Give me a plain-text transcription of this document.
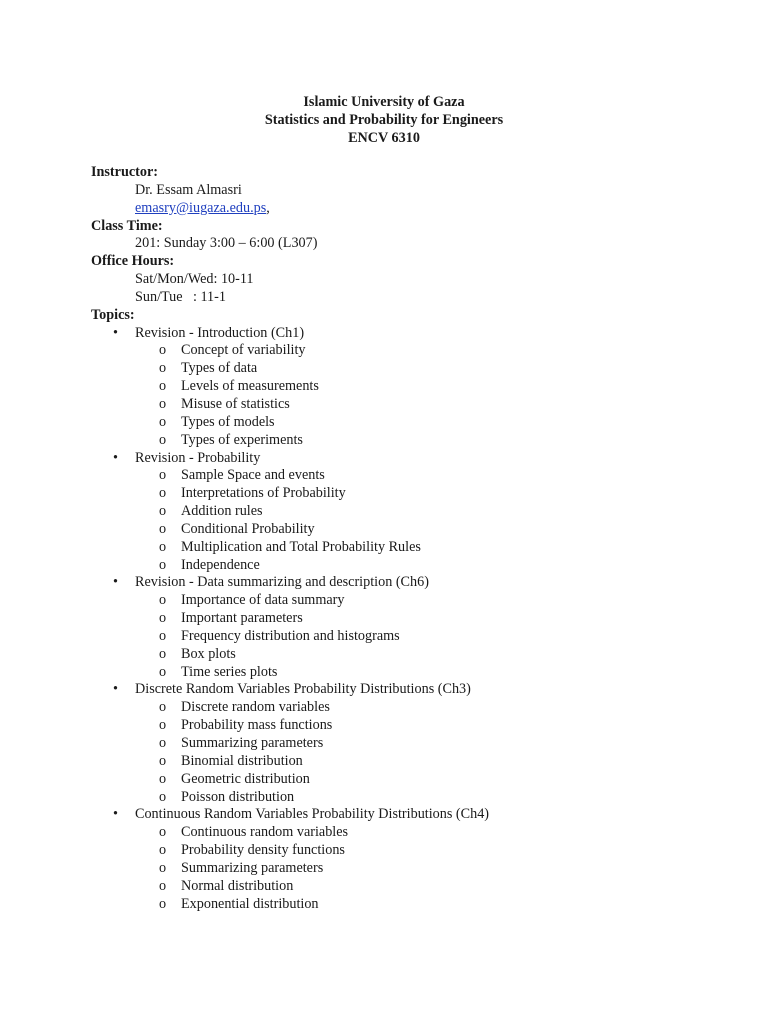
Islamic University of Gaza
Statistics and Probability for Engineers
ENCV 6310
Instructor:
Dr. Essam Almasri
emasry@iugaza.edu.ps,
Class Time:
201: Sunday 3:00 – 6:00 (L307)
Office Hours:
Sat/Mon/Wed: 10-11
Sun/Tue : 11-1
Topics:
• Revision - Introduction (Ch1)
o Concept of variability
o Types of data
o Levels of measurements
o Misuse of statistics
o Types of models
o Types of experiments
• Revision - Probability
o Sample Space and events
o Interpretations of Probability
o Addition rules
o Conditional Probability
o Multiplication and Total Probability Rules
o Independence
• Revision - Data summarizing and description (Ch6)
o Importance of data summary
o Important parameters
o Frequency distribution and histograms
o Box plots
o Time series plots
• Discrete Random Variables Probability Distributions (Ch3)
o Discrete random variables
o Probability mass functions
o Summarizing parameters
o Binomial distribution
o Geometric distribution
o Poisson distribution
• Continuous Random Variables Probability Distributions (Ch4)
o Continuous random variables
o Probability density functions
o Summarizing parameters
o Normal distribution
o Exponential distribution
